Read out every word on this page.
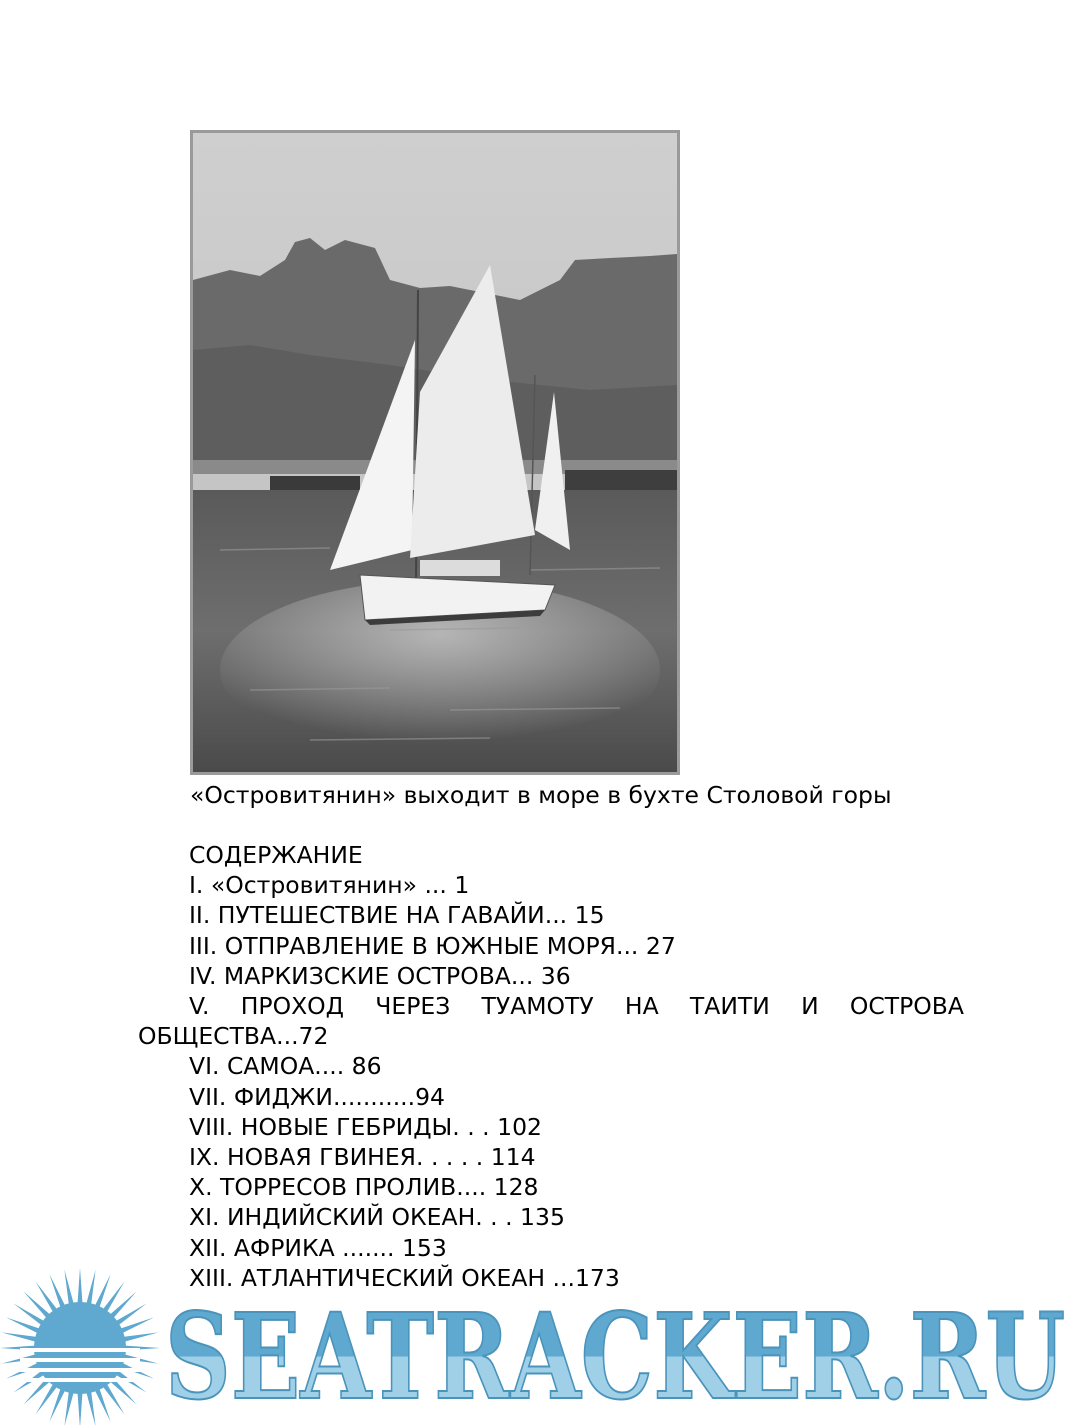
«Островитянин» выходит в море в бухте Столовой горы
СОДЕРЖАНИЕ
I. «Островитянин» ... 1
II. ПУТЕШЕСТВИЕ НА ГАВАЙИ... 15
III. ОТПРАВЛЕНИЕ В ЮЖНЫЕ МОРЯ... 27
IV. МАРКИЗСКИЕ ОСТРОВА... 36
V. ПРОХОД ЧЕРЕЗ ТУАМОТУ НА ТАИТИ И ОСТРОВА
ОБЩЕСТВА...72
VI. САМОА.... 86
VII. ФИДЖИ...........94
VIII. НОВЫЕ ГЕБРИДЫ. . . 102
IX. НОВАЯ ГВИНЕЯ. . . . . 114
X. ТОРРЕСОВ ПРОЛИВ.... 128
XI. ИНДИЙСКИЙ ОКЕАН. . . 135
XII. АФРИКА ....... 153
XIII. АТЛАНТИЧЕСКИЙ ОКЕАН ...173
SEATRACKER.RU
